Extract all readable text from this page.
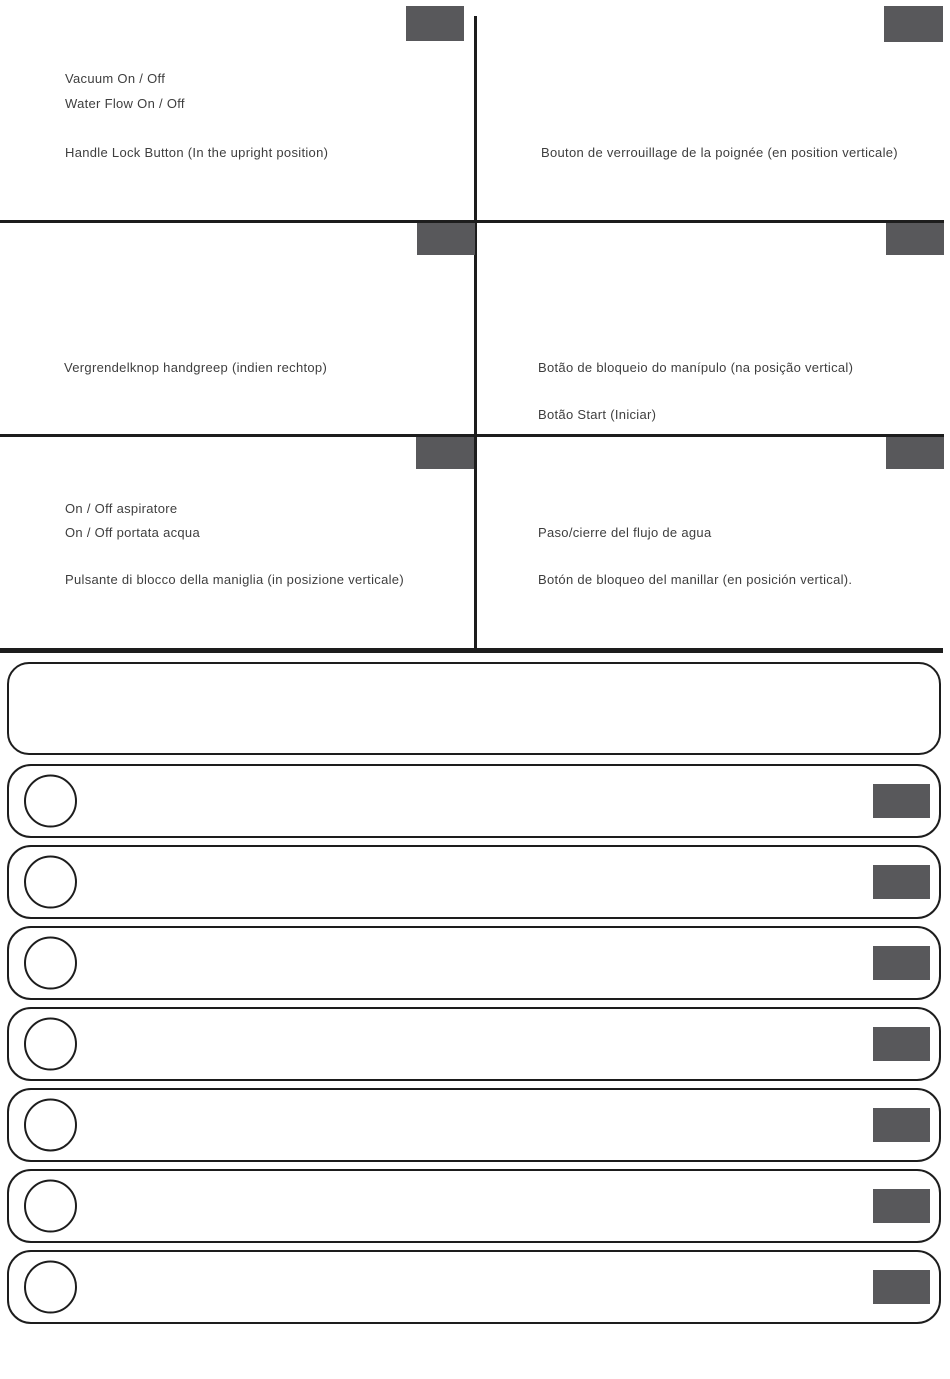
Vacuum On / Off
Water Flow On / Off
Handle Lock Button (In the upright position)	Bouton de verrouillage de la poignée (en position verticale)
Vergrendelknop handgreep (indien rechtop)	Botão de bloqueio do manípulo (na posição vertical)
Botão Start (Iniciar)
On / Off aspiratore
On / Off portata acqua
Pulsante di blocco della maniglia (in posizione verticale)
Paso/cierre del flujo de agua
Botón de bloqueo del manillar (en posición vertical).
